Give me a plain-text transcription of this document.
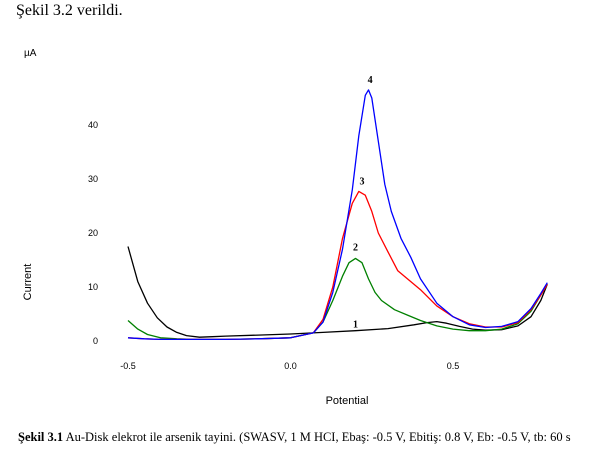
Şekil 3.2 verildi.
µA
0
10
20
30
40
-0.5	0.0	0.5
Potential
Current
1
2
3
4
Şekil 3.1 Au-Disk elekrot ile arsenik tayini. (SWASV, 1 M HCI, Ebaş: -0.5 V, Ebitiş: 0.8 V, Eb: -0.5 V, tb: 60 s
